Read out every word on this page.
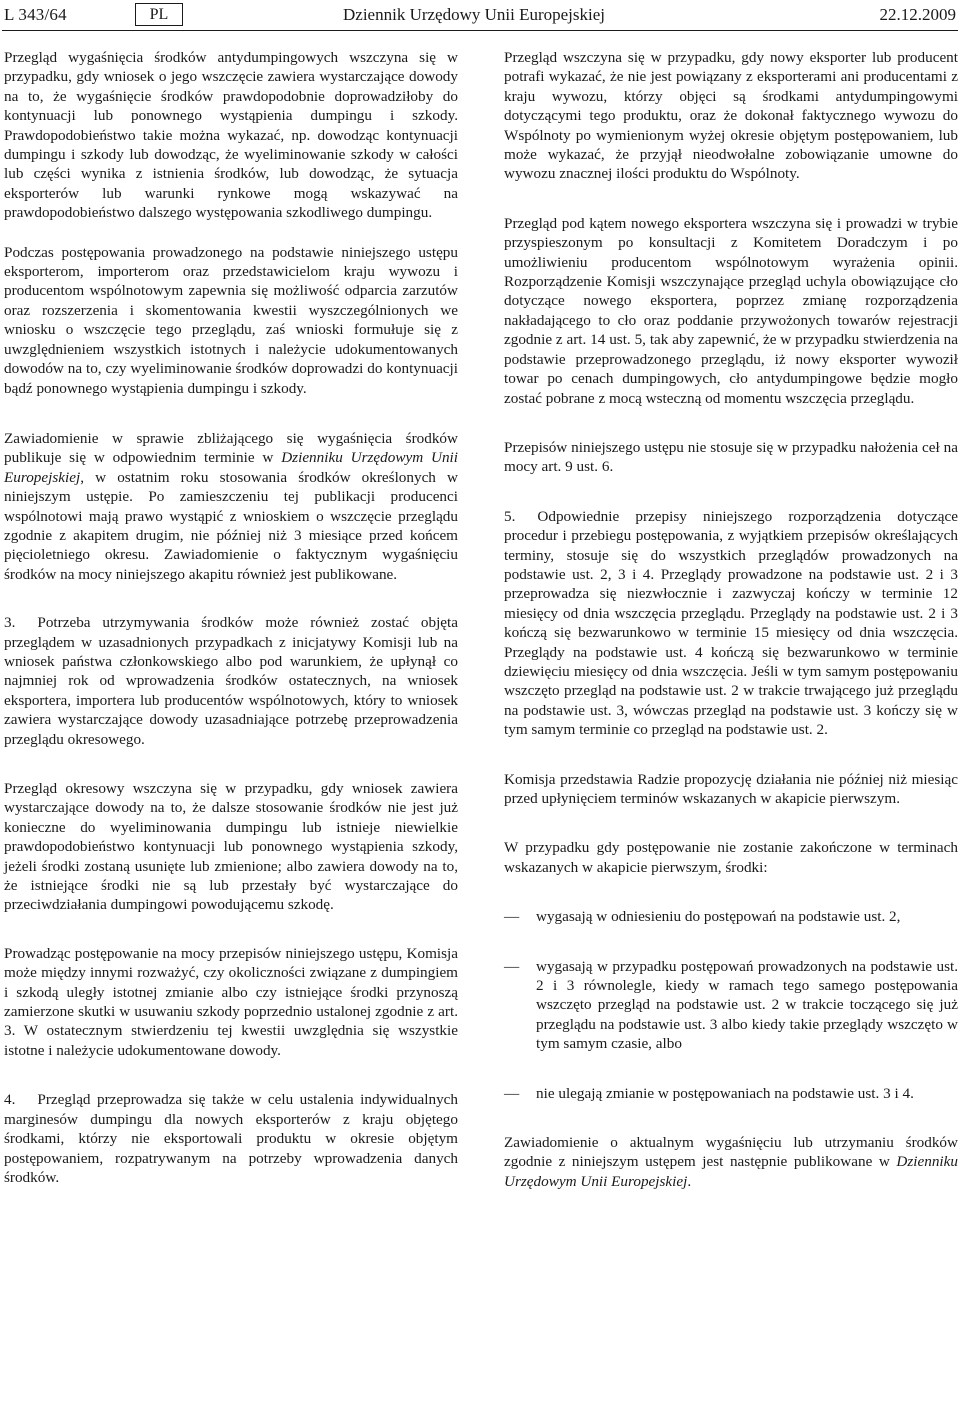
L 343/64	PL	Dziennik Urzędowy Unii Europejskiej	22.12.2009

Przegląd wygaśnięcia środków antydumpingowych wszczyna się w przypadku, gdy wniosek o jego wszczęcie zawiera wystarczające dowody na to, że wygaśnięcie środków prawdopodobnie doprowadziłoby do kontynuacji lub ponownego wystąpienia dumpingu i szkody. Prawdopodobieństwo takie można wykazać, np. dowodząc kontynuacji dumpingu i szkody lub dowodząc, że wyeliminowanie szkody w całości lub części wynika z istnienia środków, lub dowodząc, że sytuacja eksporterów lub warunki rynkowe mogą wskazywać na prawdopodobieństwo dalszego występowania szkodliwego dumpingu.

Podczas postępowania prowadzonego na podstawie niniejszego ustępu eksporterom, importerom oraz przedstawicielom kraju wywozu i producentom wspólnotowym zapewnia się możliwość odparcia zarzutów oraz rozszerzenia i skomentowania kwestii wyszczególnionych we wniosku o wszczęcie tego przeglądu, zaś wnioski formułuje się z uwzględnieniem wszystkich istotnych i należycie udokumentowanych dowodów na to, czy wyeliminowanie środków doprowadzi do kontynuacji bądź ponownego wystąpienia dumpingu i szkody.

Zawiadomienie w sprawie zbliżającego się wygaśnięcia środków publikuje się w odpowiednim terminie w Dzienniku Urzędowym Unii Europejskiej, w ostatnim roku stosowania środków określonych w niniejszym ustępie. Po zamieszczeniu tej publikacji producenci wspólnotowi mają prawo wystąpić z wnioskiem o wszczęcie przeglądu zgodnie z akapitem drugim, nie później niż 3 miesiące przed końcem pięcioletniego okresu. Zawiadomienie o faktycznym wygaśnięciu środków na mocy niniejszego akapitu również jest publikowane.

3. Potrzeba utrzymywania środków może również zostać objęta przeglądem w uzasadnionych przypadkach z inicjatywy Komisji lub na wniosek państwa członkowskiego albo pod warunkiem, że upłynął co najmniej rok od wprowadzenia środków ostatecznych, na wniosek eksportera, importera lub producentów wspólnotowych, który to wniosek zawiera wystarczające dowody uzasadniające potrzebę przeprowadzenia przeglądu okresowego.

Przegląd okresowy wszczyna się w przypadku, gdy wniosek zawiera wystarczające dowody na to, że dalsze stosowanie środków nie jest już konieczne do wyeliminowania dumpingu lub istnieje niewielkie prawdopodobieństwo kontynuacji lub ponownego wystąpienia szkody, jeżeli środki zostaną usunięte lub zmienione; albo zawiera dowody na to, że istniejące środki nie są lub przestały być wystarczające do przeciwdziałania dumpingowi powodującemu szkodę.

Prowadząc postępowanie na mocy przepisów niniejszego ustępu, Komisja może między innymi rozważyć, czy okoliczności związane z dumpingiem i szkodą uległy istotnej zmianie albo czy istniejące środki przynoszą zamierzone skutki w usuwaniu szkody poprzednio ustalonej zgodnie z art. 3. W ostatecznym stwierdzeniu tej kwestii uwzględnia się wszystkie istotne i należycie udokumentowane dowody.

4. Przegląd przeprowadza się także w celu ustalenia indywidualnych marginesów dumpingu dla nowych eksporterów z kraju objętego środkami, którzy nie eksportowali produktu w okresie objętym postępowaniem, rozpatrywanym na potrzeby wprowadzenia danych środków.

Przegląd wszczyna się w przypadku, gdy nowy eksporter lub producent potrafi wykazać, że nie jest powiązany z eksporterami ani producentami z kraju wywozu, którzy objęci są środkami antydumpingowymi dotyczącymi tego produktu, oraz że dokonał faktycznego wywozu do Wspólnoty po wymienionym wyżej okresie objętym postępowaniem, lub może wykazać, że przyjął nieodwołalne zobowiązanie umowne do wywozu znacznej ilości produktu do Wspólnoty.

Przegląd pod kątem nowego eksportera wszczyna się i prowadzi w trybie przyspieszonym po konsultacji z Komitetem Doradczym i po umożliwieniu producentom wspólnotowym wyrażenia opinii. Rozporządzenie Komisji wszczynające przegląd uchyla obowiązujące cło dotyczące nowego eksportera, poprzez zmianę rozporządzenia nakładającego to cło oraz poddanie przywożonych towarów rejestracji zgodnie z art. 14 ust. 5, tak aby zapewnić, że w przypadku stwierdzenia na podstawie przeprowadzonego przeglądu, iż nowy eksporter wywoził towar po cenach dumpingowych, cło antydumpingowe będzie mogło zostać pobrane z mocą wsteczną od momentu wszczęcia przeglądu.

Przepisów niniejszego ustępu nie stosuje się w przypadku nałożenia ceł na mocy art. 9 ust. 6.

5. Odpowiednie przepisy niniejszego rozporządzenia dotyczące procedur i przebiegu postępowania, z wyjątkiem przepisów określających terminy, stosuje się do wszystkich przeglądów prowadzonych na podstawie ust. 2, 3 i 4. Przeglądy prowadzone na podstawie ust. 2 i 3 przeprowadza się niezwłocznie i zazwyczaj kończy w terminie 12 miesięcy od dnia wszczęcia przeglądu. Przeglądy na podstawie ust. 2 i 3 kończą się bezwarunkowo w terminie 15 miesięcy od dnia wszczęcia. Przeglądy na podstawie ust. 4 kończą się bezwarunkowo w terminie dziewięciu miesięcy od dnia wszczęcia. Jeśli w tym samym postępowaniu wszczęto przegląd na podstawie ust. 2 w trakcie trwającego już przeglądu na podstawie ust. 3, wówczas przegląd na podstawie ust. 3 kończy się w tym samym terminie co przegląd na podstawie ust. 2.

Komisja przedstawia Radzie propozycję działania nie później niż miesiąc przed upłynięciem terminów wskazanych w akapicie pierwszym.

W przypadku gdy postępowanie nie zostanie zakończone w terminach wskazanych w akapicie pierwszym, środki:

— wygasają w odniesieniu do postępowań na podstawie ust. 2,

— wygasają w przypadku postępowań prowadzonych na podstawie ust. 2 i 3 równolegle, kiedy w ramach tego samego postępowania wszczęto przegląd na podstawie ust. 2 w trakcie toczącego się już przeglądu na podstawie ust. 3 albo kiedy takie przeglądy wszczęto w tym samym czasie, albo

— nie ulegają zmianie w postępowaniach na podstawie ust. 3 i 4.

Zawiadomienie o aktualnym wygaśnięciu lub utrzymaniu środków zgodnie z niniejszym ustępem jest następnie publikowane w Dzienniku Urzędowym Unii Europejskiej.
